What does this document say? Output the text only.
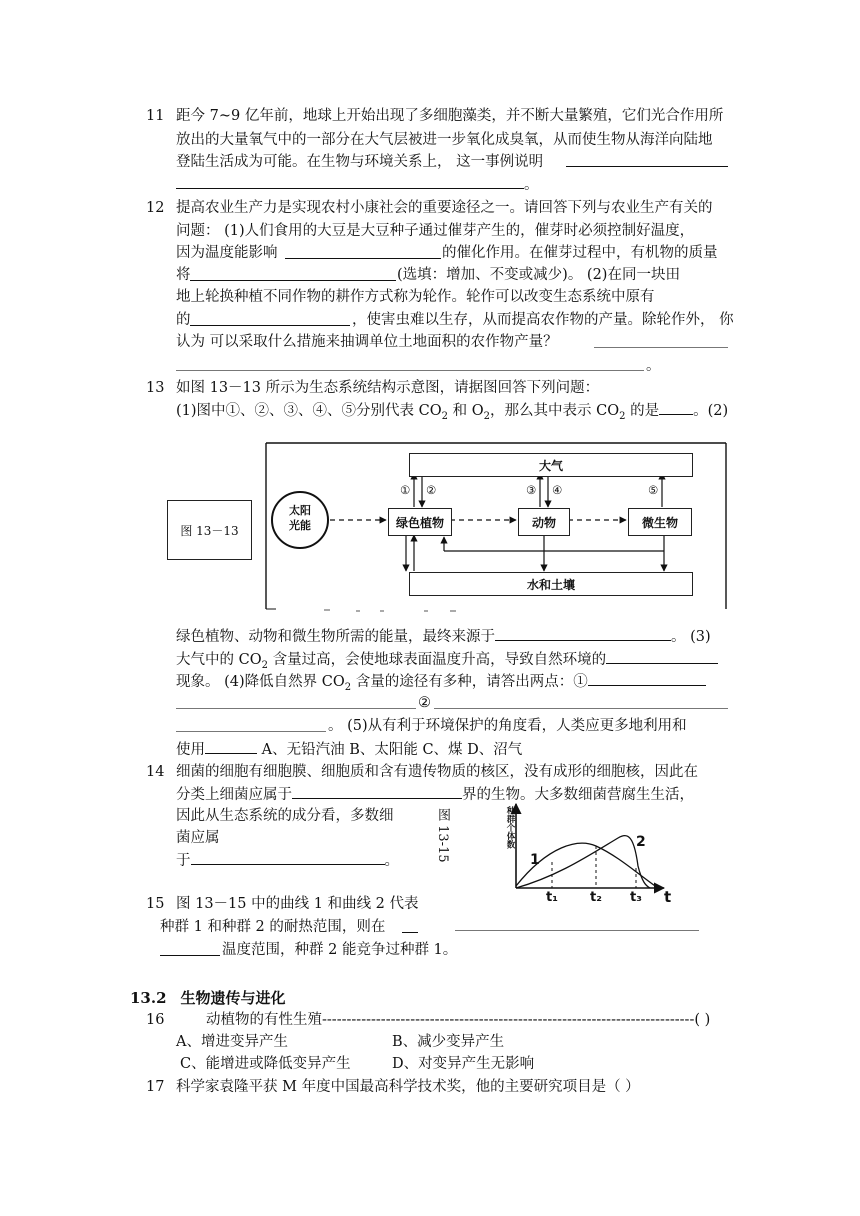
11 距今 7~9 亿年前，地球上开始出现了多细胞藻类，并不断大量繁殖，它们光合作用所
放出的大量氧气中的一部分在大气层被进一步氧化成臭氧，从而使生物从海洋向陆地
登陆生活成为可能。在生物与环境关系上， 这一事例说明
。
12 提高农业生产力是实现农村小康社会的重要途径之一。请回答下列与农业生产有关的
问题： (1)人们食用的大豆是大豆种子通过催芽产生的，催芽时必须控制好温度，
因为温度能影响	的催化作用。在催芽过程中，有机物的质量
将	(选填：增加、不变或减少)。 (2)在同一块田
地上轮换种植不同作物的耕作方式称为轮作。轮作可以改变生态系统中原有
的	，使害虫难以生存，从而提高农作物的产量。除轮作外， 你
认为 可以采取什么措施来抽调单位土地面积的农作物产量？
。
13 如图 13－13 所示为生态系统结构示意图，请据图回答下列问题：
(1)图中①、②、③、④、⑤分别代表 $CO_2$ 和 $O_2$，那么其中表示 $CO_2$ 的是 。(2)
图 13－13
大气
绿色植物	动物	微生物
水和土壤
太阳
光能
① ②	③ ④	⑤
绿色植物、动物和微生物所需的能量，最终来源于	。 (3)
大气中的 $CO_2$ 含量过高，会使地球表面温度升高，导致自然环境的
现象。 (4)降低自然界 $CO_2$ 含量的途径有多种，请答出两点：①
②
。 (5)从有利于环境保护的角度看，人类应更多地利用和
使用	A、无铅汽油 B、太阳能 C、煤 D、沼气
14 细菌的细胞有细胞膜、细胞质和含有遗传物质的核区，没有成形的细胞核，因此在
分类上细菌应属于	界的生物。大多数细菌营腐生生活，
因此从生态系统的成分看，多数细
菌应属
于	。	图 13-15	种群个体数
1
2
t₁ t₂ t₃ t
15 图 13－15 中的曲线 1 和曲线 2 代表
种群 1 和种群 2 的耐热范围，则在
温度范围，种群 2 能竞争过种群 1。
13.2 生物遗传与进化
16	动植物的有性生殖----------------------------------------------------------------------------( )
A、增进变异产生	B、减少变异产生
C、能增进或降低变异产生	D、对变异产生无影响
17 科学家袁隆平获 M 年度中国最高科学技术奖，他的主要研究项目是（ ）
